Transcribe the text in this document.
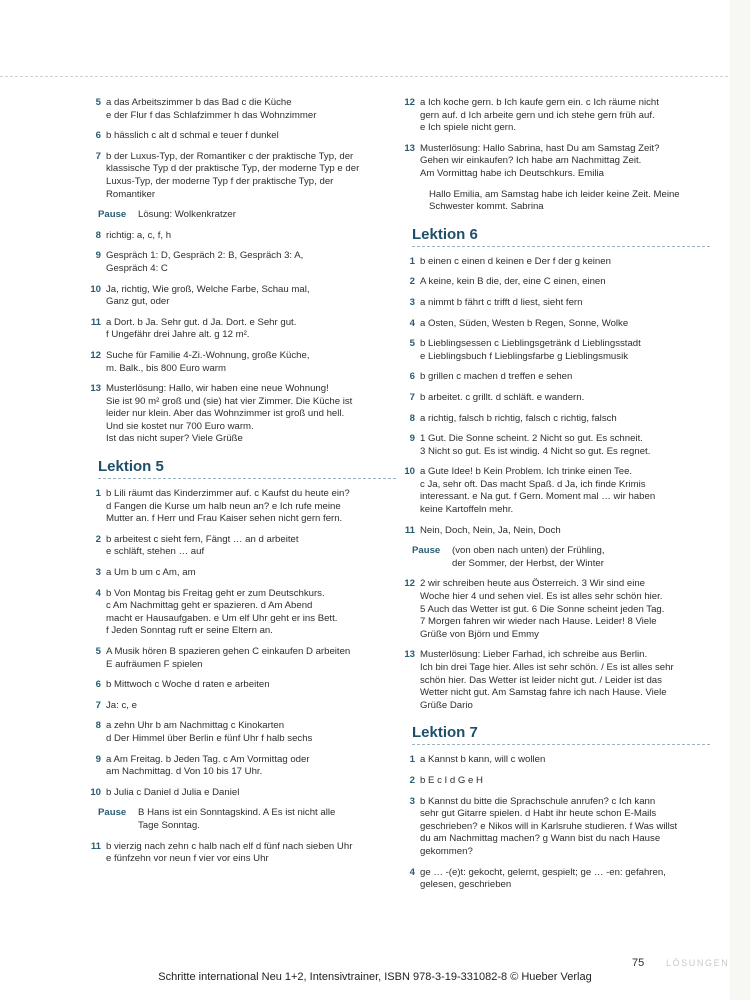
5 a das Arbeitszimmer b das Bad c die Küche
e der Flur f das Schlafzimmer h das Wohnzimmer
6 b hässlich c alt d schmal e teuer f dunkel
7 b der Luxus-Typ, der Romantiker c der praktische Typ, der
klassische Typ d der praktische Typ, der moderne Typ e der
Luxus-Typ, der moderne Typ f der praktische Typ, der
Romantiker
Pause	Lösung: Wolkenkratzer
8 richtig: a, c, f, h
9 Gespräch 1: D, Gespräch 2: B, Gespräch 3: A,
Gespräch 4: C
10 Ja, richtig, Wie groß, Welche Farbe, Schau mal,
Ganz gut, oder
11 a Dort. b Ja. Sehr gut. d Ja. Dort. e Sehr gut.
f Ungefähr drei Jahre alt. g 12 m².
12 Suche für Familie 4-Zi.-Wohnung, große Küche,
m. Balk., bis 800 Euro warm
13 Musterlösung: Hallo, wir haben eine neue Wohnung!
Sie ist 90 m² groß und (sie) hat vier Zimmer. Die Küche ist
leider nur klein. Aber das Wohnzimmer ist groß und hell.
Und sie kostet nur 700 Euro warm.
Ist das nicht super? Viele Grüße
Lektion 5
1 b Lili räumt das Kinderzimmer auf. c Kaufst du heute ein?
d Fangen die Kurse um halb neun an? e Ich rufe meine
Mutter an. f Herr und Frau Kaiser sehen nicht gern fern.
2 b arbeitest c sieht fern, Fängt … an d arbeitet
e schläft, stehen … auf
3 a Um b um c Am, am
4 b Von Montag bis Freitag geht er zum Deutschkurs.
c Am Nachmittag geht er spazieren. d Am Abend
macht er Hausaufgaben. e Um elf Uhr geht er ins Bett.
f Jeden Sonntag ruft er seine Eltern an.
5 A Musik hören B spazieren gehen C einkaufen D arbeiten
E aufräumen F spielen
6 b Mittwoch c Woche d raten e arbeiten
7 Ja: c, e
8 a zehn Uhr b am Nachmittag c Kinokarten
d Der Himmel über Berlin e fünf Uhr f halb sechs
9 a Am Freitag. b Jeden Tag. c Am Vormittag oder
am Nachmittag. d Von 10 bis 17 Uhr.
10 b Julia c Daniel d Julia e Daniel
Pause	B Hans ist ein Sonntagskind. A Es ist nicht alle
Tage Sonntag.
11 b vierzig nach zehn c halb nach elf d fünf nach sieben Uhr
e fünfzehn vor neun f vier vor eins Uhr
12 a Ich koche gern. b Ich kaufe gern ein. c Ich räume nicht
gern auf. d Ich arbeite gern und ich stehe gern früh auf.
e Ich spiele nicht gern.
13 Musterlösung: Hallo Sabrina, hast Du am Samstag Zeit?
Gehen wir einkaufen? Ich habe am Nachmittag Zeit.
Am Vormittag habe ich Deutschkurs. Emilia
Hallo Emilia, am Samstag habe ich leider keine Zeit. Meine
Schwester kommt. Sabrina
Lektion 6
1 b einen c einen d keinen e Der f der g keinen
2 A keine, kein B die, der, eine C einen, einen
3 a nimmt b fährt c trifft d liest, sieht fern
4 a Osten, Süden, Westen b Regen, Sonne, Wolke
5 b Lieblingsessen c Lieblingsgetränk d Lieblingsstadt
e Lieblingsbuch f Lieblingsfarbe g Lieblingsmusik
6 b grillen c machen d treffen e sehen
7 b arbeitet. c grillt. d schläft. e wandern.
8 a richtig, falsch b richtig, falsch c richtig, falsch
9 1 Gut. Die Sonne scheint. 2 Nicht so gut. Es schneit.
3 Nicht so gut. Es ist windig. 4 Nicht so gut. Es regnet.
10 a Gute Idee! b Kein Problem. Ich trinke einen Tee.
c Ja, sehr oft. Das macht Spaß. d Ja, ich finde Krimis
interessant. e Na gut. f Gern. Moment mal … wir haben
keine Kartoffeln mehr.
11 Nein, Doch, Nein, Ja, Nein, Doch
Pause	(von oben nach unten) der Frühling,
der Sommer, der Herbst, der Winter
12 2 wir schreiben heute aus Österreich. 3 Wir sind eine
Woche hier 4 und sehen viel. Es ist alles sehr schön hier.
5 Auch das Wetter ist gut. 6 Die Sonne scheint jeden Tag.
7 Morgen fahren wir wieder nach Hause. Leider! 8 Viele
Grüße von Björn und Emmy
13 Musterlösung: Lieber Farhad, ich schreibe aus Berlin.
Ich bin drei Tage hier. Alles ist sehr schön. / Es ist alles sehr
schön hier. Das Wetter ist leider nicht gut. / Leider ist das
Wetter nicht gut. Am Samstag fahre ich nach Hause. Viele
Grüße Dario
Lektion 7
1 a Kannst b kann, will c wollen
2 b E c I d G e H
3 b Kannst du bitte die Sprachschule anrufen? c Ich kann
sehr gut Gitarre spielen. d Habt ihr heute schon E-Mails
geschrieben? e Nikos will in Karlsruhe studieren. f Was willst
du am Nachmittag machen? g Wann bist du nach Hause
gekommen?
4 ge … -(e)t: gekocht, gelernt, gespielt; ge … -en: gefahren,
gelesen, geschrieben
75 LÖSUNGEN
Schritte international Neu 1+2, Intensivtrainer, ISBN 978-3-19-331082-8 © Hueber Verlag
